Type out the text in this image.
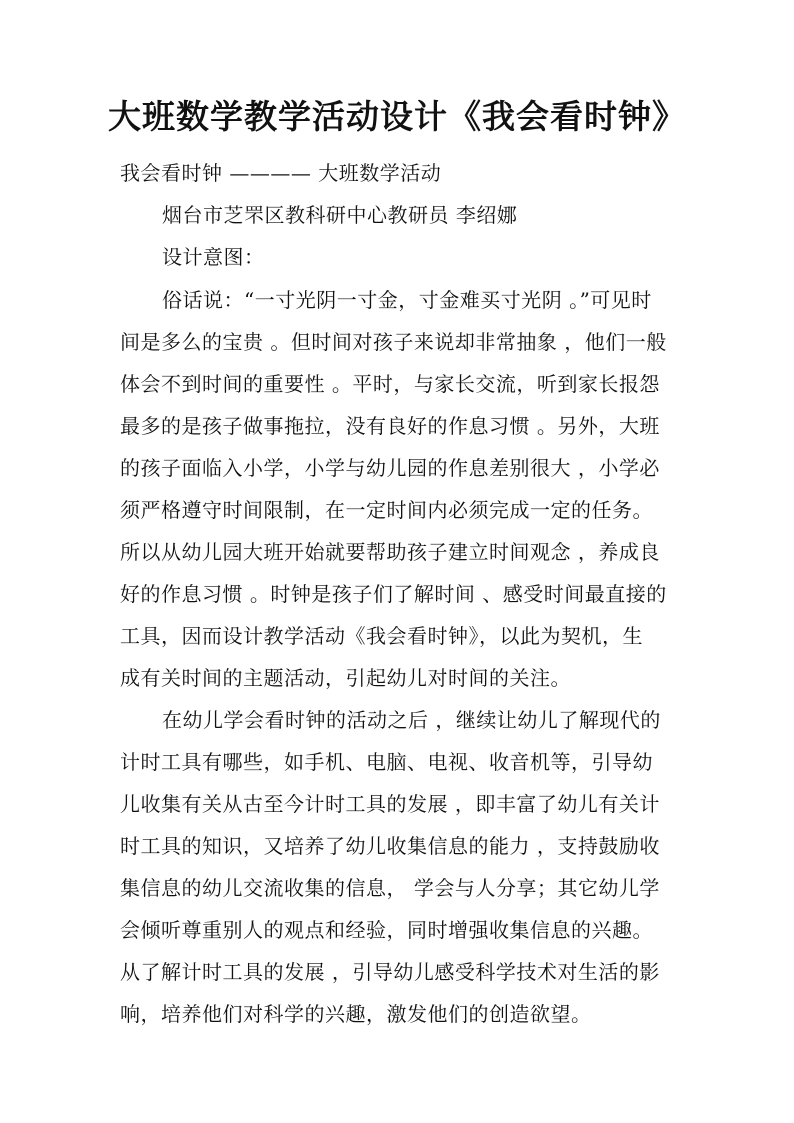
大班数学教学活动设计《我会看时钟》
我会看时钟 ———— 大班数学活动
烟台市芝罘区教科研中心教研员 李绍娜
设计意图：
俗话说：“一寸光阴一寸金，寸金难买寸光阴 。”可见时
间是多么的宝贵 。但时间对孩子来说却非常抽象 ，他们一般
体会不到时间的重要性 。平时，与家长交流，听到家长报怨
最多的是孩子做事拖拉，没有良好的作息习惯 。另外，大班
的孩子面临入小学，小学与幼儿园的作息差别很大 ，小学必
须严格遵守时间限制，在一定时间内必须完成一定的任务。
所以从幼儿园大班开始就要帮助孩子建立时间观念 ，养成良
好的作息习惯 。时钟是孩子们了解时间 、感受时间最直接的
工具，因而设计教学活动《我会看时钟》，以此为契机，生
成有关时间的主题活动，引起幼儿对时间的关注。
在幼儿学会看时钟的活动之后 ，继续让幼儿了解现代的
计时工具有哪些，如手机、电脑、电视、收音机等，引导幼
儿收集有关从古至今计时工具的发展 ，即丰富了幼儿有关计
时工具的知识，又培养了幼儿收集信息的能力 ，支持鼓励收
集信息的幼儿交流收集的信息， 学会与人分享；其它幼儿学
会倾听尊重别人的观点和经验，同时增强收集信息的兴趣。
从了解计时工具的发展 ，引导幼儿感受科学技术对生活的影
响，培养他们对科学的兴趣，激发他们的创造欲望。
